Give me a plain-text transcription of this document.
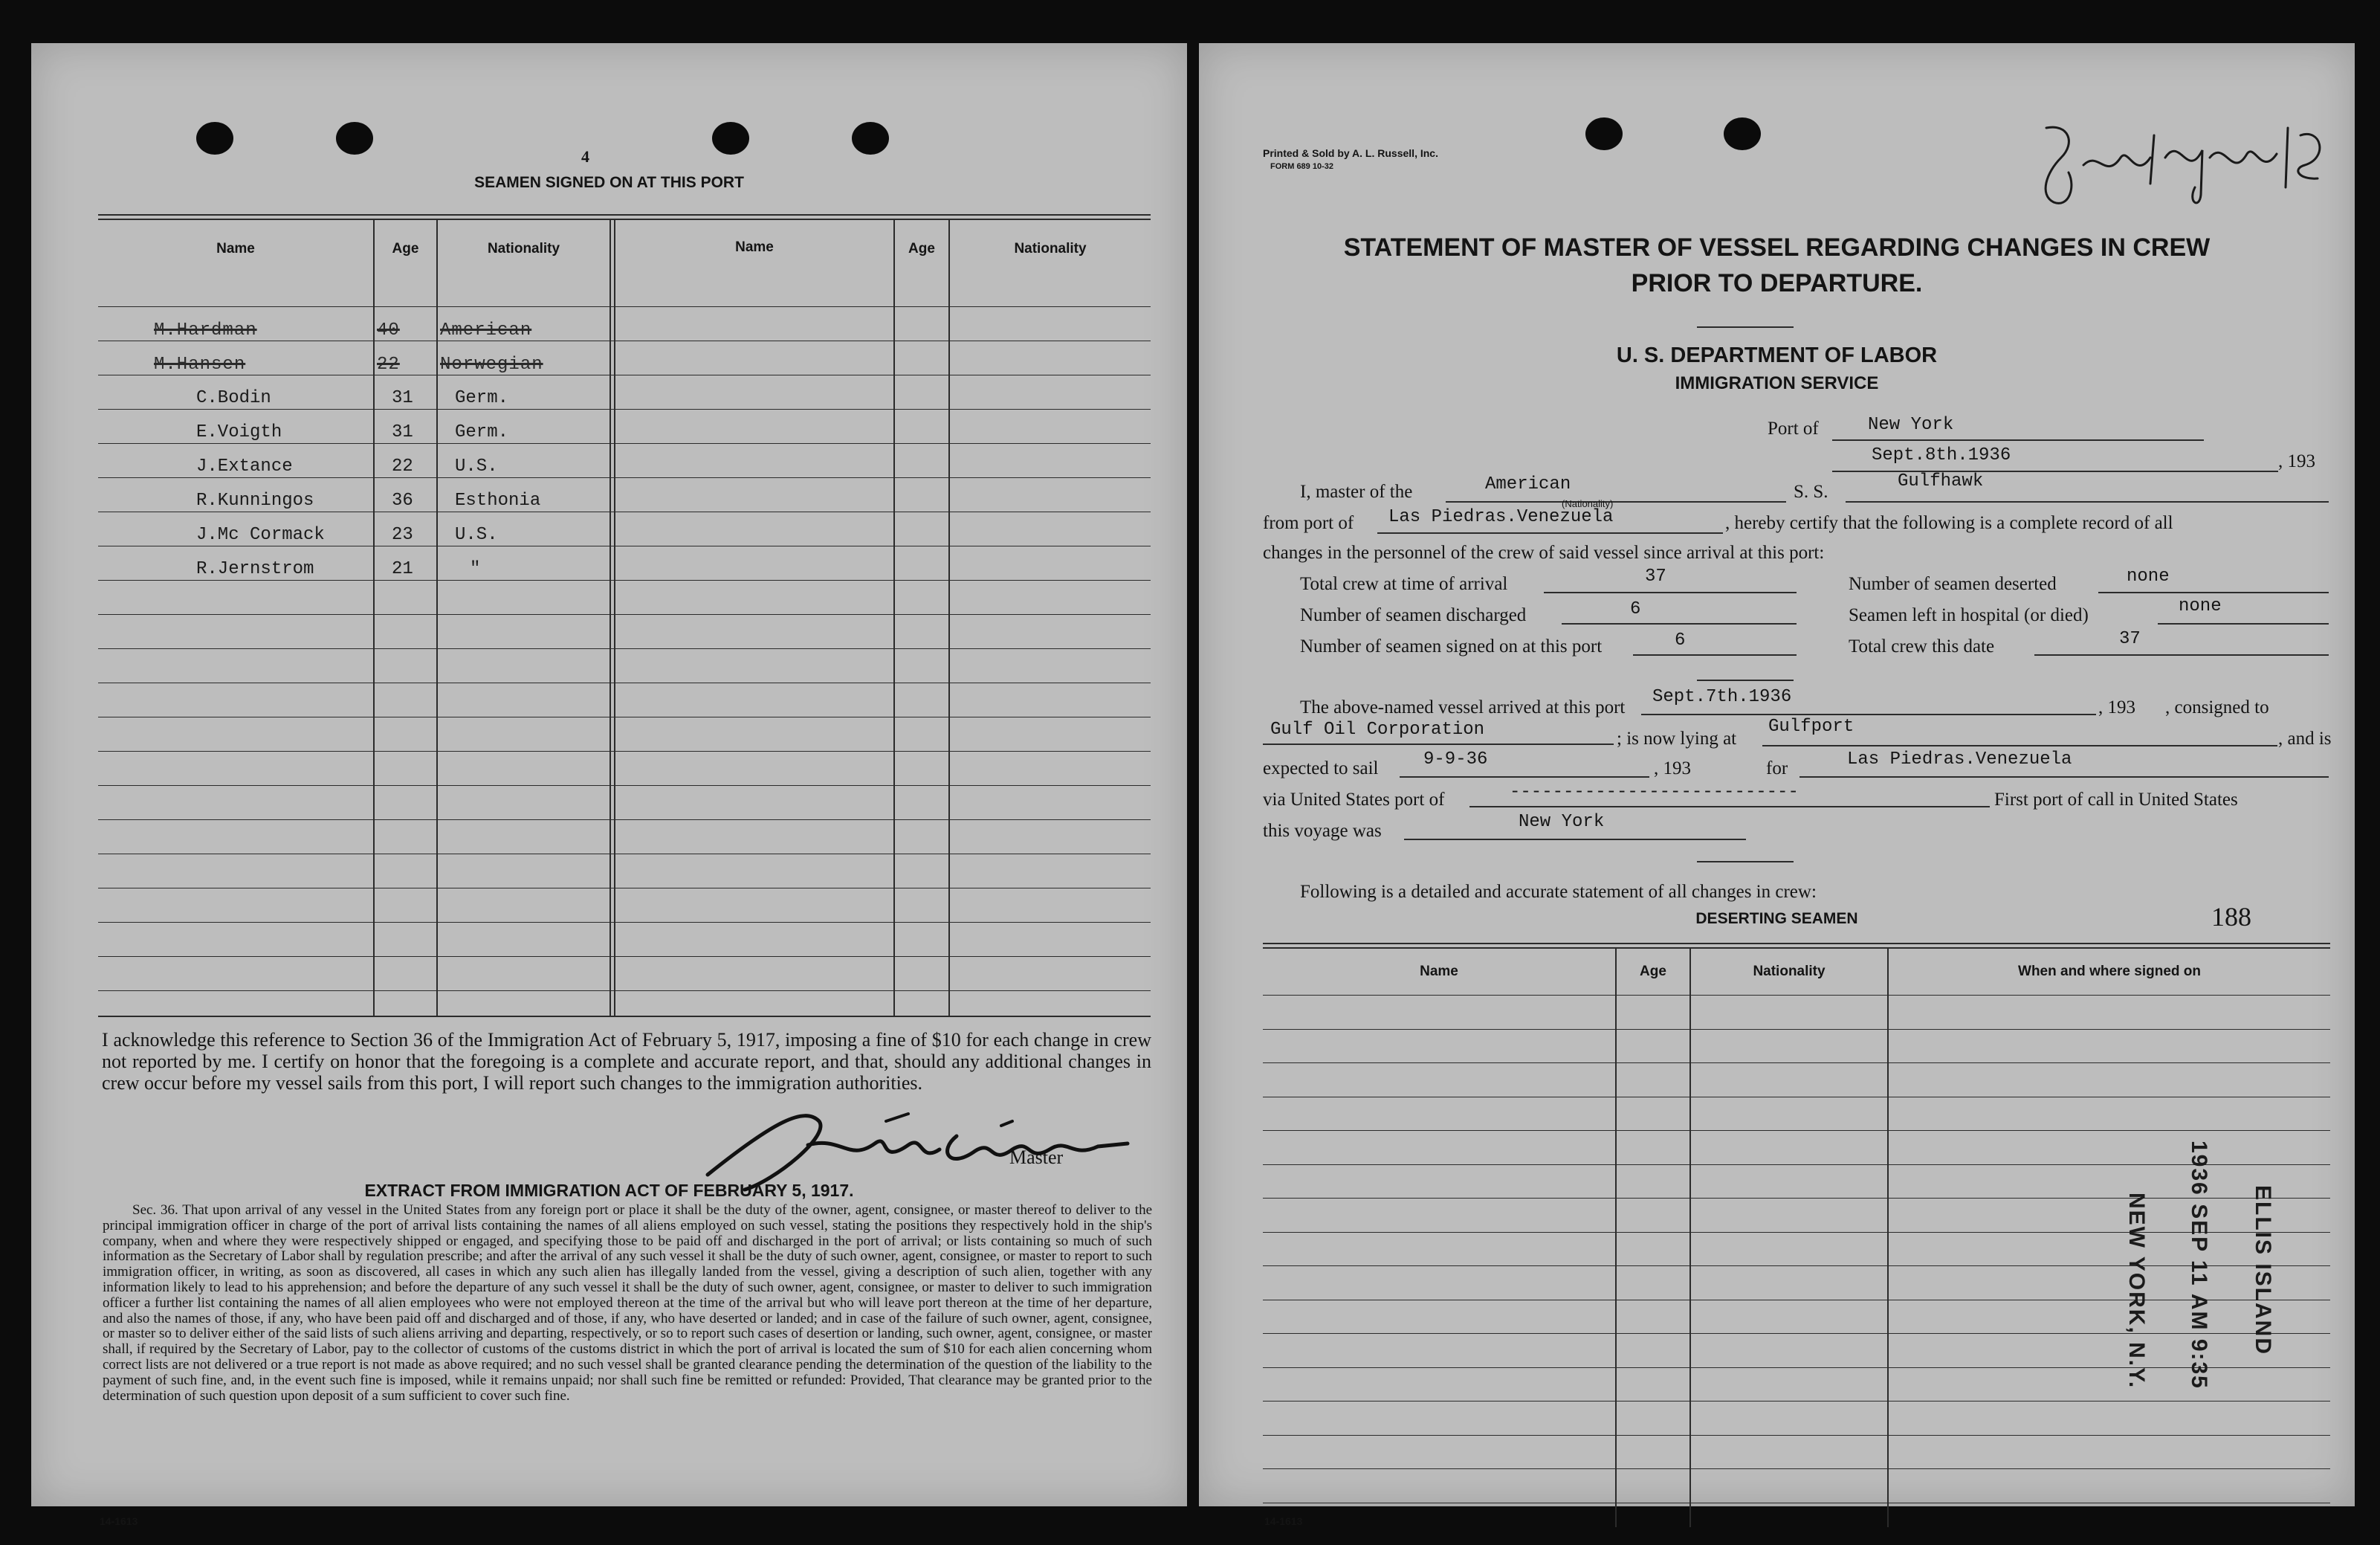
4
SEAMEN SIGNED ON AT THIS PORT
Name	Age	Nationality	Name	Age	Nationality
M.Hardman	40 American
M.Hansen	22 Norwegian
C.Bodin	31 Germ.
E.Voigth	31 Germ.
J.Extance	22 U.S.
R.Kunningos	36 Esthonia
J.Mc Cormack	23 U.S.
R.Jernstrom	21	"
I acknowledge this reference to Section 36 of the Immigration Act of February 5, 1917, imposing a fine of $10 for each change in crew not reported by me. I certify on honor that the foregoing is a complete and accurate report, and that, should any additional changes in crew occur before my vessel sails from this port, I will report such changes to the immigration authorities.
Master
EXTRACT FROM IMMIGRATION ACT OF FEBRUARY 5, 1917.
Sec. 36. That upon arrival of any vessel in the United States from any foreign port or place it shall be the duty of the owner, agent, consignee, or master thereof to deliver to the principal immigration officer in charge of the port of arrival lists containing the names of all aliens employed on such vessel, stating the positions they respectively hold in the ship's company, when and where they were respectively shipped or engaged, and specifying those to be paid off and discharged in the port of arrival; or lists containing so much of such information as the Secretary of Labor shall by regulation prescribe; and after the arrival of any such vessel it shall be the duty of such owner, agent, consignee, or master to report to such immigration officer, in writing, as soon as discovered, all cases in which any such alien has illegally landed from the vessel, giving a description of such alien, together with any information likely to lead to his apprehension; and before the departure of any such vessel it shall be the duty of such owner, agent, consignee, or master to deliver to such immigration officer a further list containing the names of all alien employees who were not employed thereon at the time of the arrival but who will leave port thereon at the time of her departure, and also the names of those, if any, who have been paid off and discharged and of those, if any, who have deserted or landed; and in case of the failure of such owner, agent, consignee, or master so to deliver either of the said lists of such aliens arriving and departing, respectively, or so to report such cases of desertion or landing, such owner, agent, consignee, or master shall, if required by the Secretary of Labor, pay to the collector of customs of the customs district in which the port of arrival is located the sum of $10 for each alien concerning whom correct lists are not delivered or a true report is not made as above required; and no such vessel shall be granted clearance pending the determination of the question of the liability to the payment of such fine, and, in the event such fine is imposed, while it remains unpaid; nor shall such fine be remitted or refunded: Provided, That clearance may be granted prior to the determination of such question upon deposit of a sum sufficient to cover such fine.
14-1613
Printed & Sold by A. L. Russell, Inc.
FORM 689 10-32
STATEMENT OF MASTER OF VESSEL REGARDING CHANGES IN CREW
PRIOR TO DEPARTURE.
U. S. DEPARTMENT OF LABOR
IMMIGRATION SERVICE
Port of	New York
Sept.8th.1936	, 193
I, master of the	American
(Nationality)
S. S.
Gulfhawk
from port of Las Piedras.Venezuela	, hereby certify that the following is a complete record of all
changes in the personnel of the crew of said vessel since arrival at this port:
Total crew at time of arrival	37	Number of seamen deserted	none
Number of seamen discharged	6	Seamen left in hospital (or died)	none
Number of seamen signed on at this port	6	Total crew this date	37
The above-named vessel arrived at this port
Sept.7th.1936
, 193 , consigned to
Gulf Oil Corporation	; is now lying at
Gulfport
, and is
expected to sail	9-9-36	, 193	for	Las Piedras.Venezuela
via United States port of	---------------------------	First port of call in United States
this voyage was	New York
Following is a detailed and accurate statement of all changes in crew:
DESERTING SEAMEN	188
Name	Age	Nationality	When and where signed on
ELLIS ISLAND
1936 SEP 11 AM 9:35
NEW YORK, N.Y.
14-1613
